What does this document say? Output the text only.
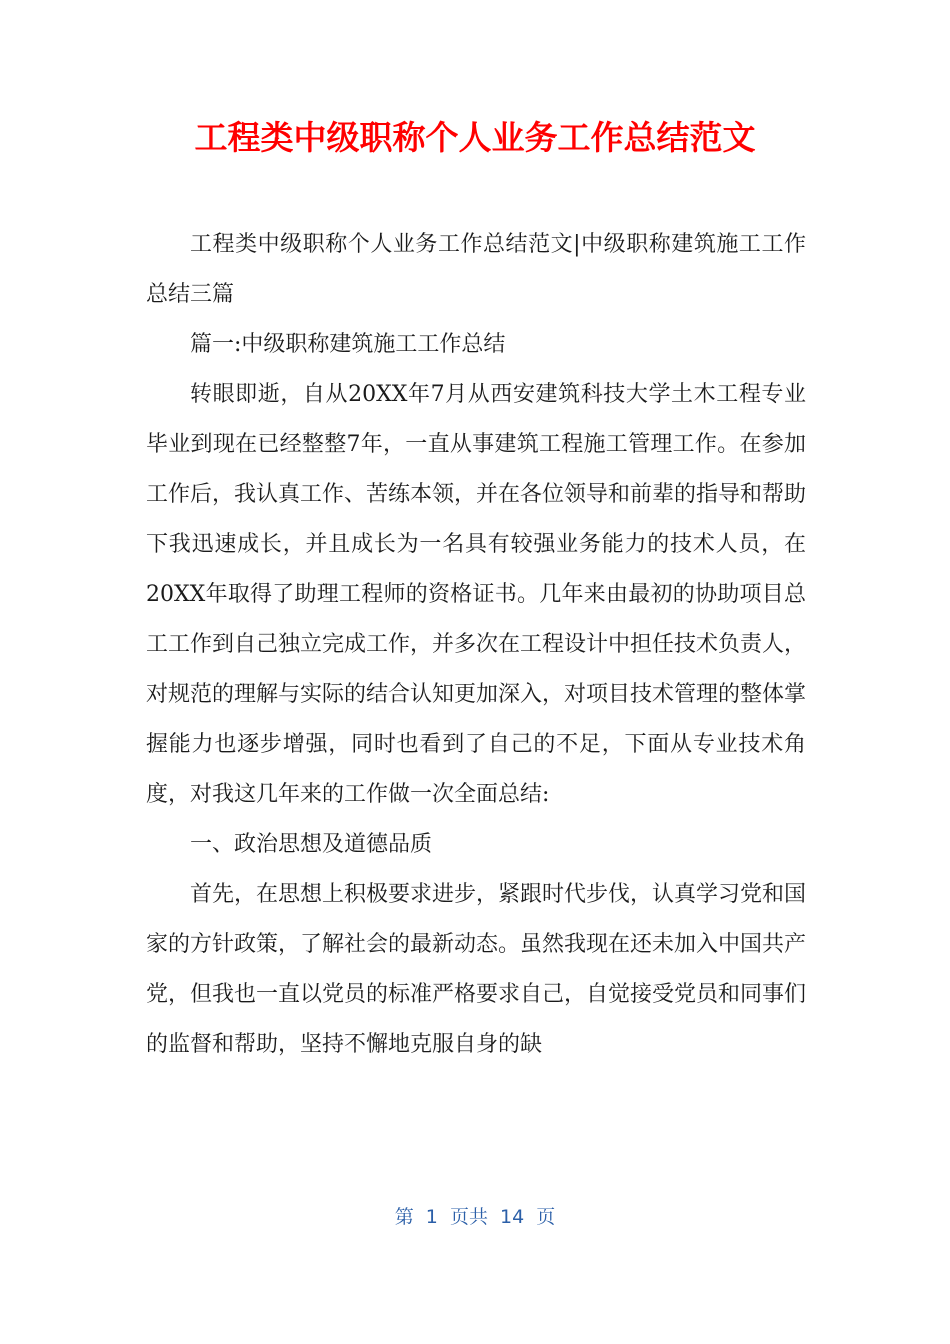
工程类中级职称个人业务工作总结范文

工程类中级职称个人业务工作总结范文|中级职称建筑施工工作总结三篇

篇一:中级职称建筑施工工作总结

转眼即逝，自从20XX年7月从西安建筑科技大学土木工程专业毕业到现在已经整整7年，一直从事建筑工程施工管理工作。在参加工作后，我认真工作、苦练本领，并在各位领导和前辈的指导和帮助下我迅速成长，并且成长为一名具有较强业务能力的技术人员，在20XX年取得了助理工程师的资格证书。几年来由最初的协助项目总工工作到自己独立完成工作，并多次在工程设计中担任技术负责人，对规范的理解与实际的结合认知更加深入，对项目技术管理的整体掌握能力也逐步增强，同时也看到了自己的不足，下面从专业技术角度，对我这几年来的工作做一次全面总结:

一、政治思想及道德品质

首先，在思想上积极要求进步，紧跟时代步伐，认真学习党和国家的方针政策，了解社会的最新动态。虽然我现在还未加入中国共产党，但我也一直以党员的标准严格要求自己，自觉接受党员和同事们的监督和帮助，坚持不懈地克服自身的缺

第  1  页共  14  页
